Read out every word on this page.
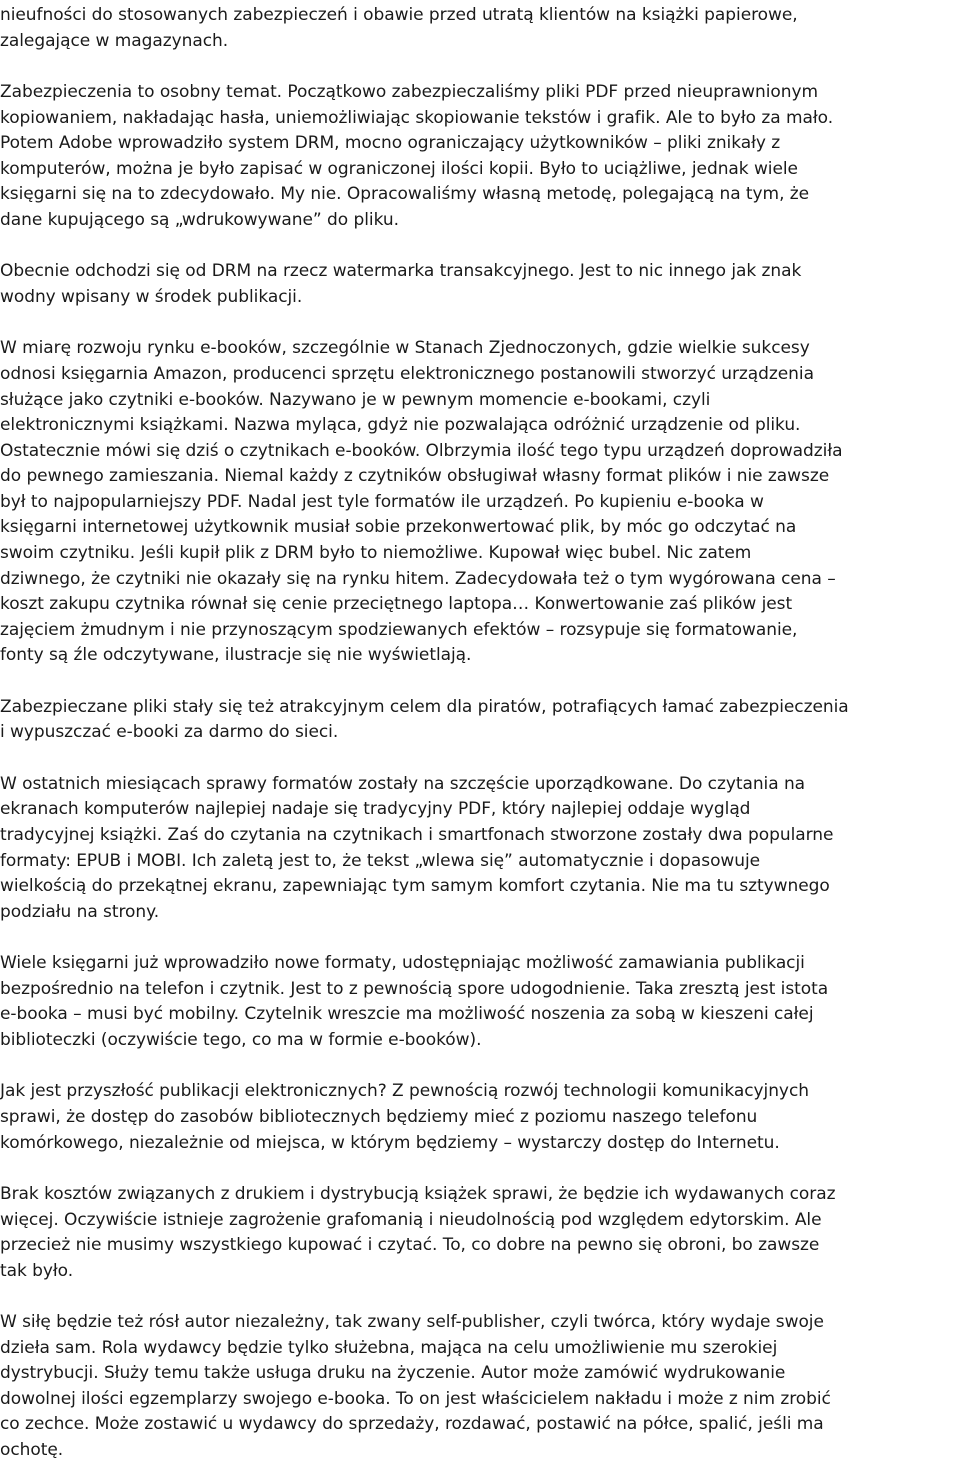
nieufności do stosowanych zabezpieczeń i obawie przed utratą klientów na książki papierowe,
zalegające w magazynach.

Zabezpieczenia to osobny temat. Początkowo zabezpieczaliśmy pliki PDF przed nieuprawnionym
kopiowaniem, nakładając hasła, uniemożliwiając skopiowanie tekstów i grafik. Ale to było za mało.
Potem Adobe wprowadziło system DRM, mocno ograniczający użytkowników – pliki znikały z
komputerów, można je było zapisać w ograniczonej ilości kopii. Było to uciążliwe, jednak wiele
księgarni się na to zdecydowało. My nie. Opracowaliśmy własną metodę, polegającą na tym, że
dane kupującego są „wdrukowywane” do pliku.

Obecnie odchodzi się od DRM na rzecz watermarka transakcyjnego. Jest to nic innego jak znak
wodny wpisany w środek publikacji.

W miarę rozwoju rynku e-booków, szczególnie w Stanach Zjednoczonych, gdzie wielkie sukcesy
odnosi księgarnia Amazon, producenci sprzętu elektronicznego postanowili stworzyć urządzenia
służące jako czytniki e-booków. Nazywano je w pewnym momencie e-bookami, czyli
elektronicznymi książkami. Nazwa myląca, gdyż nie pozwalająca odróżnić urządzenie od pliku.
Ostatecznie mówi się dziś o czytnikach e-booków. Olbrzymia ilość tego typu urządzeń doprowadziła
do pewnego zamieszania. Niemal każdy z czytników obsługiwał własny format plików i nie zawsze
był to najpopularniejszy PDF. Nadal jest tyle formatów ile urządzeń. Po kupieniu e-booka w
księgarni internetowej użytkownik musiał sobie przekonwertować plik, by móc go odczytać na
swoim czytniku. Jeśli kupił plik z DRM było to niemożliwe. Kupował więc bubel. Nic zatem
dziwnego, że czytniki nie okazały się na rynku hitem. Zadecydowała też o tym wygórowana cena –
koszt zakupu czytnika równał się cenie przeciętnego laptopa… Konwertowanie zaś plików jest
zajęciem żmudnym i nie przynoszącym spodziewanych efektów – rozsypuje się formatowanie,
fonty są źle odczytywane, ilustracje się nie wyświetlają.

Zabezpieczane pliki stały się też atrakcyjnym celem dla piratów, potrafiących łamać zabezpieczenia
i wypuszczać e-booki za darmo do sieci.

W ostatnich miesiącach sprawy formatów zostały na szczęście uporządkowane. Do czytania na
ekranach komputerów najlepiej nadaje się tradycyjny PDF, który najlepiej oddaje wygląd
tradycyjnej książki. Zaś do czytania na czytnikach i smartfonach stworzone zostały dwa popularne
formaty: EPUB i MOBI. Ich zaletą jest to, że tekst „wlewa się” automatycznie i dopasowuje
wielkością do przekątnej ekranu, zapewniając tym samym komfort czytania. Nie ma tu sztywnego
podziału na strony.

Wiele księgarni już wprowadziło nowe formaty, udostępniając możliwość zamawiania publikacji
bezpośrednio na telefon i czytnik. Jest to z pewnością spore udogodnienie. Taka zresztą jest istota
e-booka – musi być mobilny. Czytelnik wreszcie ma możliwość noszenia za sobą w kieszeni całej
biblioteczki (oczywiście tego, co ma w formie e-booków).

Jak jest przyszłość publikacji elektronicznych? Z pewnością rozwój technologii komunikacyjnych
sprawi, że dostęp do zasobów bibliotecznych będziemy mieć z poziomu naszego telefonu
komórkowego, niezależnie od miejsca, w którym będziemy – wystarczy dostęp do Internetu.

Brak kosztów związanych z drukiem i dystrybucją książek sprawi, że będzie ich wydawanych coraz
więcej. Oczywiście istnieje zagrożenie grafomanią i nieudolnością pod względem edytorskim. Ale
przecież nie musimy wszystkiego kupować i czytać. To, co dobre na pewno się obroni, bo zawsze
tak było.

W siłę będzie też rósł autor niezależny, tak zwany self-publisher, czyli twórca, który wydaje swoje
dzieła sam. Rola wydawcy będzie tylko służebna, mająca na celu umożliwienie mu szerokiej
dystrybucji. Służy temu także usługa druku na życzenie. Autor może zamówić wydrukowanie
dowolnej ilości egzemplarzy swojego e-booka. To on jest właścicielem nakładu i może z nim zrobić
co zechce. Może zostawić u wydawcy do sprzedaży, rozdawać, postawić na półce, spalić, jeśli ma
ochotę.
